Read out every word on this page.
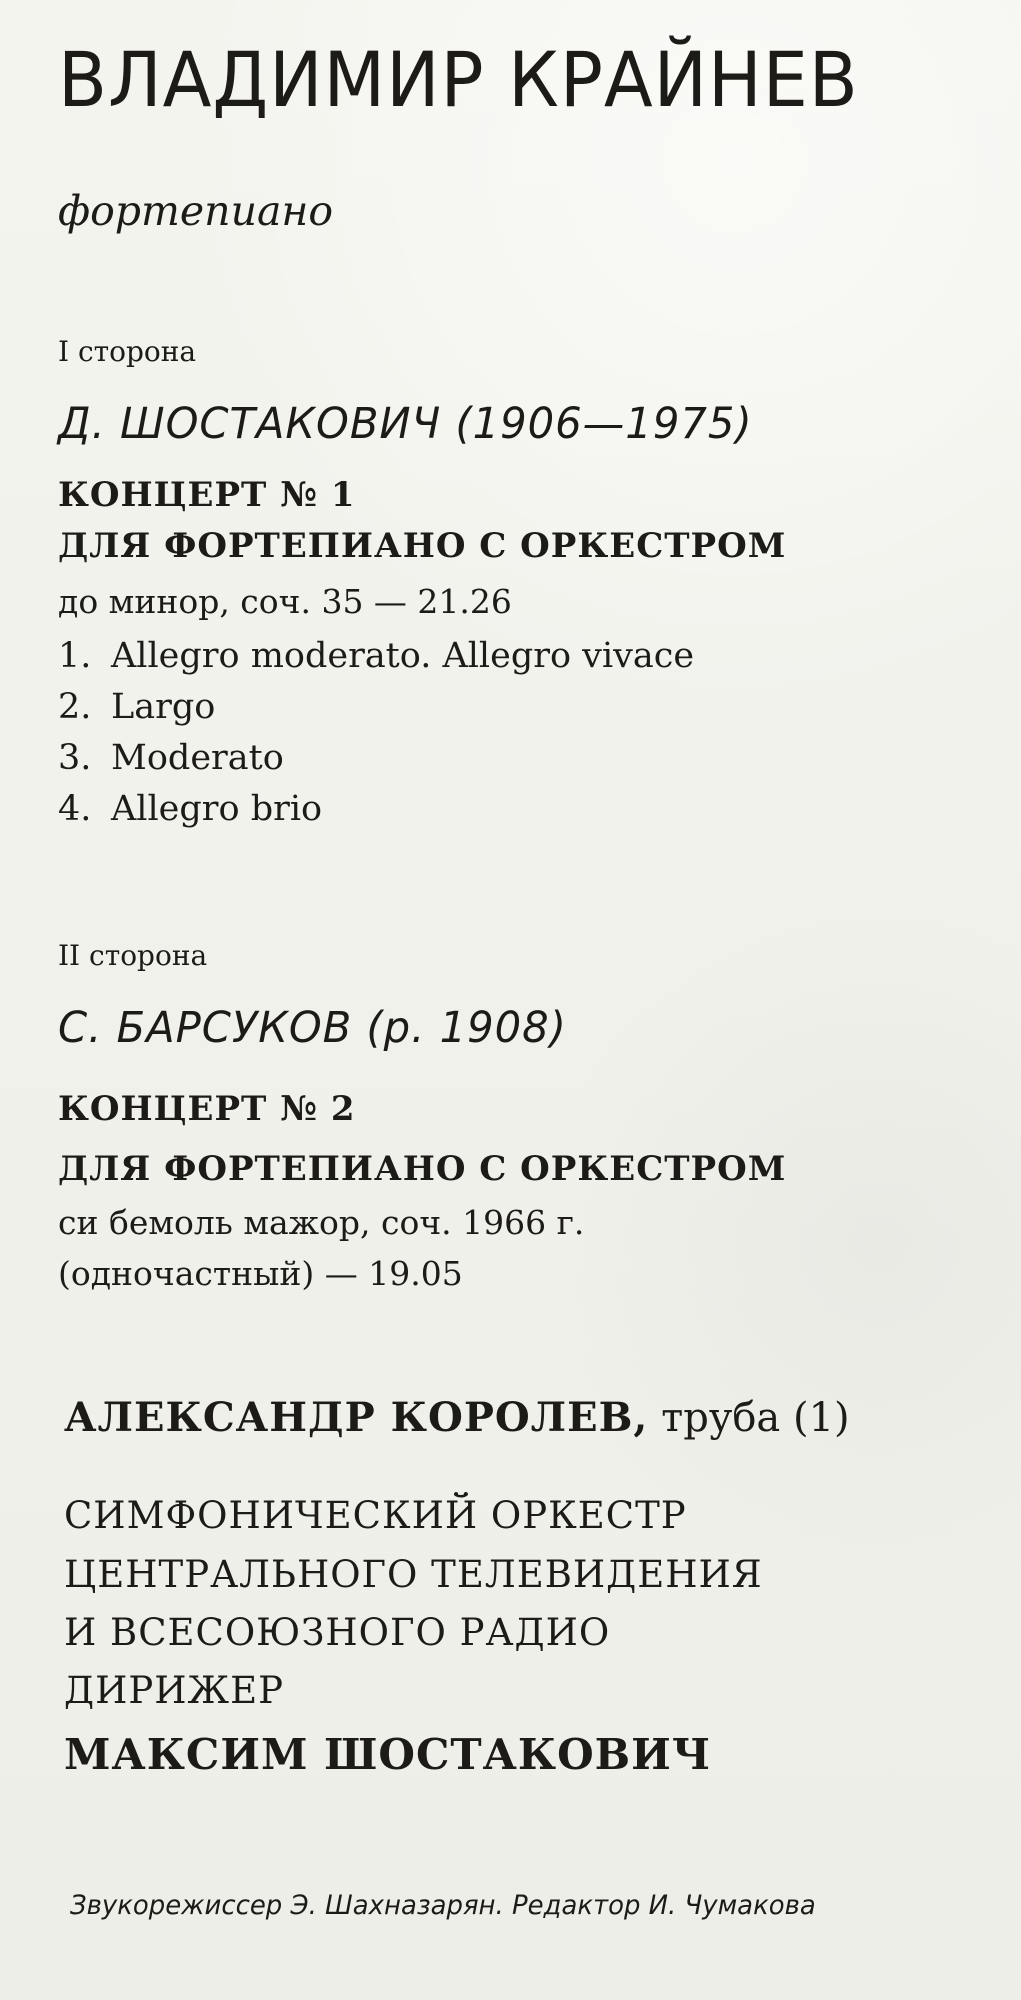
ВЛАДИМИР КРАЙНЕВ
фортепиано
I сторона
Д. ШОСТАКОВИЧ (1906—1975)
КОНЦЕРТ № 1
ДЛЯ ФОРТЕПИАНО С ОРКЕСТРОМ
до минор, соч. 35 — 21.26
1. Allegro moderato. Allegro vivace
2. Largo
3. Moderato
4. Allegro brio
II сторона
С. БАРСУКОВ (р. 1908)
КОНЦЕРТ № 2
ДЛЯ ФОРТЕПИАНО С ОРКЕСТРОМ
си бемоль мажор, соч. 1966 г.
(одночастный) — 19.05
АЛЕКСАНДР КОРОЛЕВ, труба (1)
СИМФОНИЧЕСКИЙ ОРКЕСТР
ЦЕНТРАЛЬНОГО ТЕЛЕВИДЕНИЯ
И ВСЕСОЮЗНОГО РАДИО
ДИРИЖЕР
МАКСИМ ШОСТАКОВИЧ
Звукорежиссер Э. Шахназарян. Редактор И. Чумакова
